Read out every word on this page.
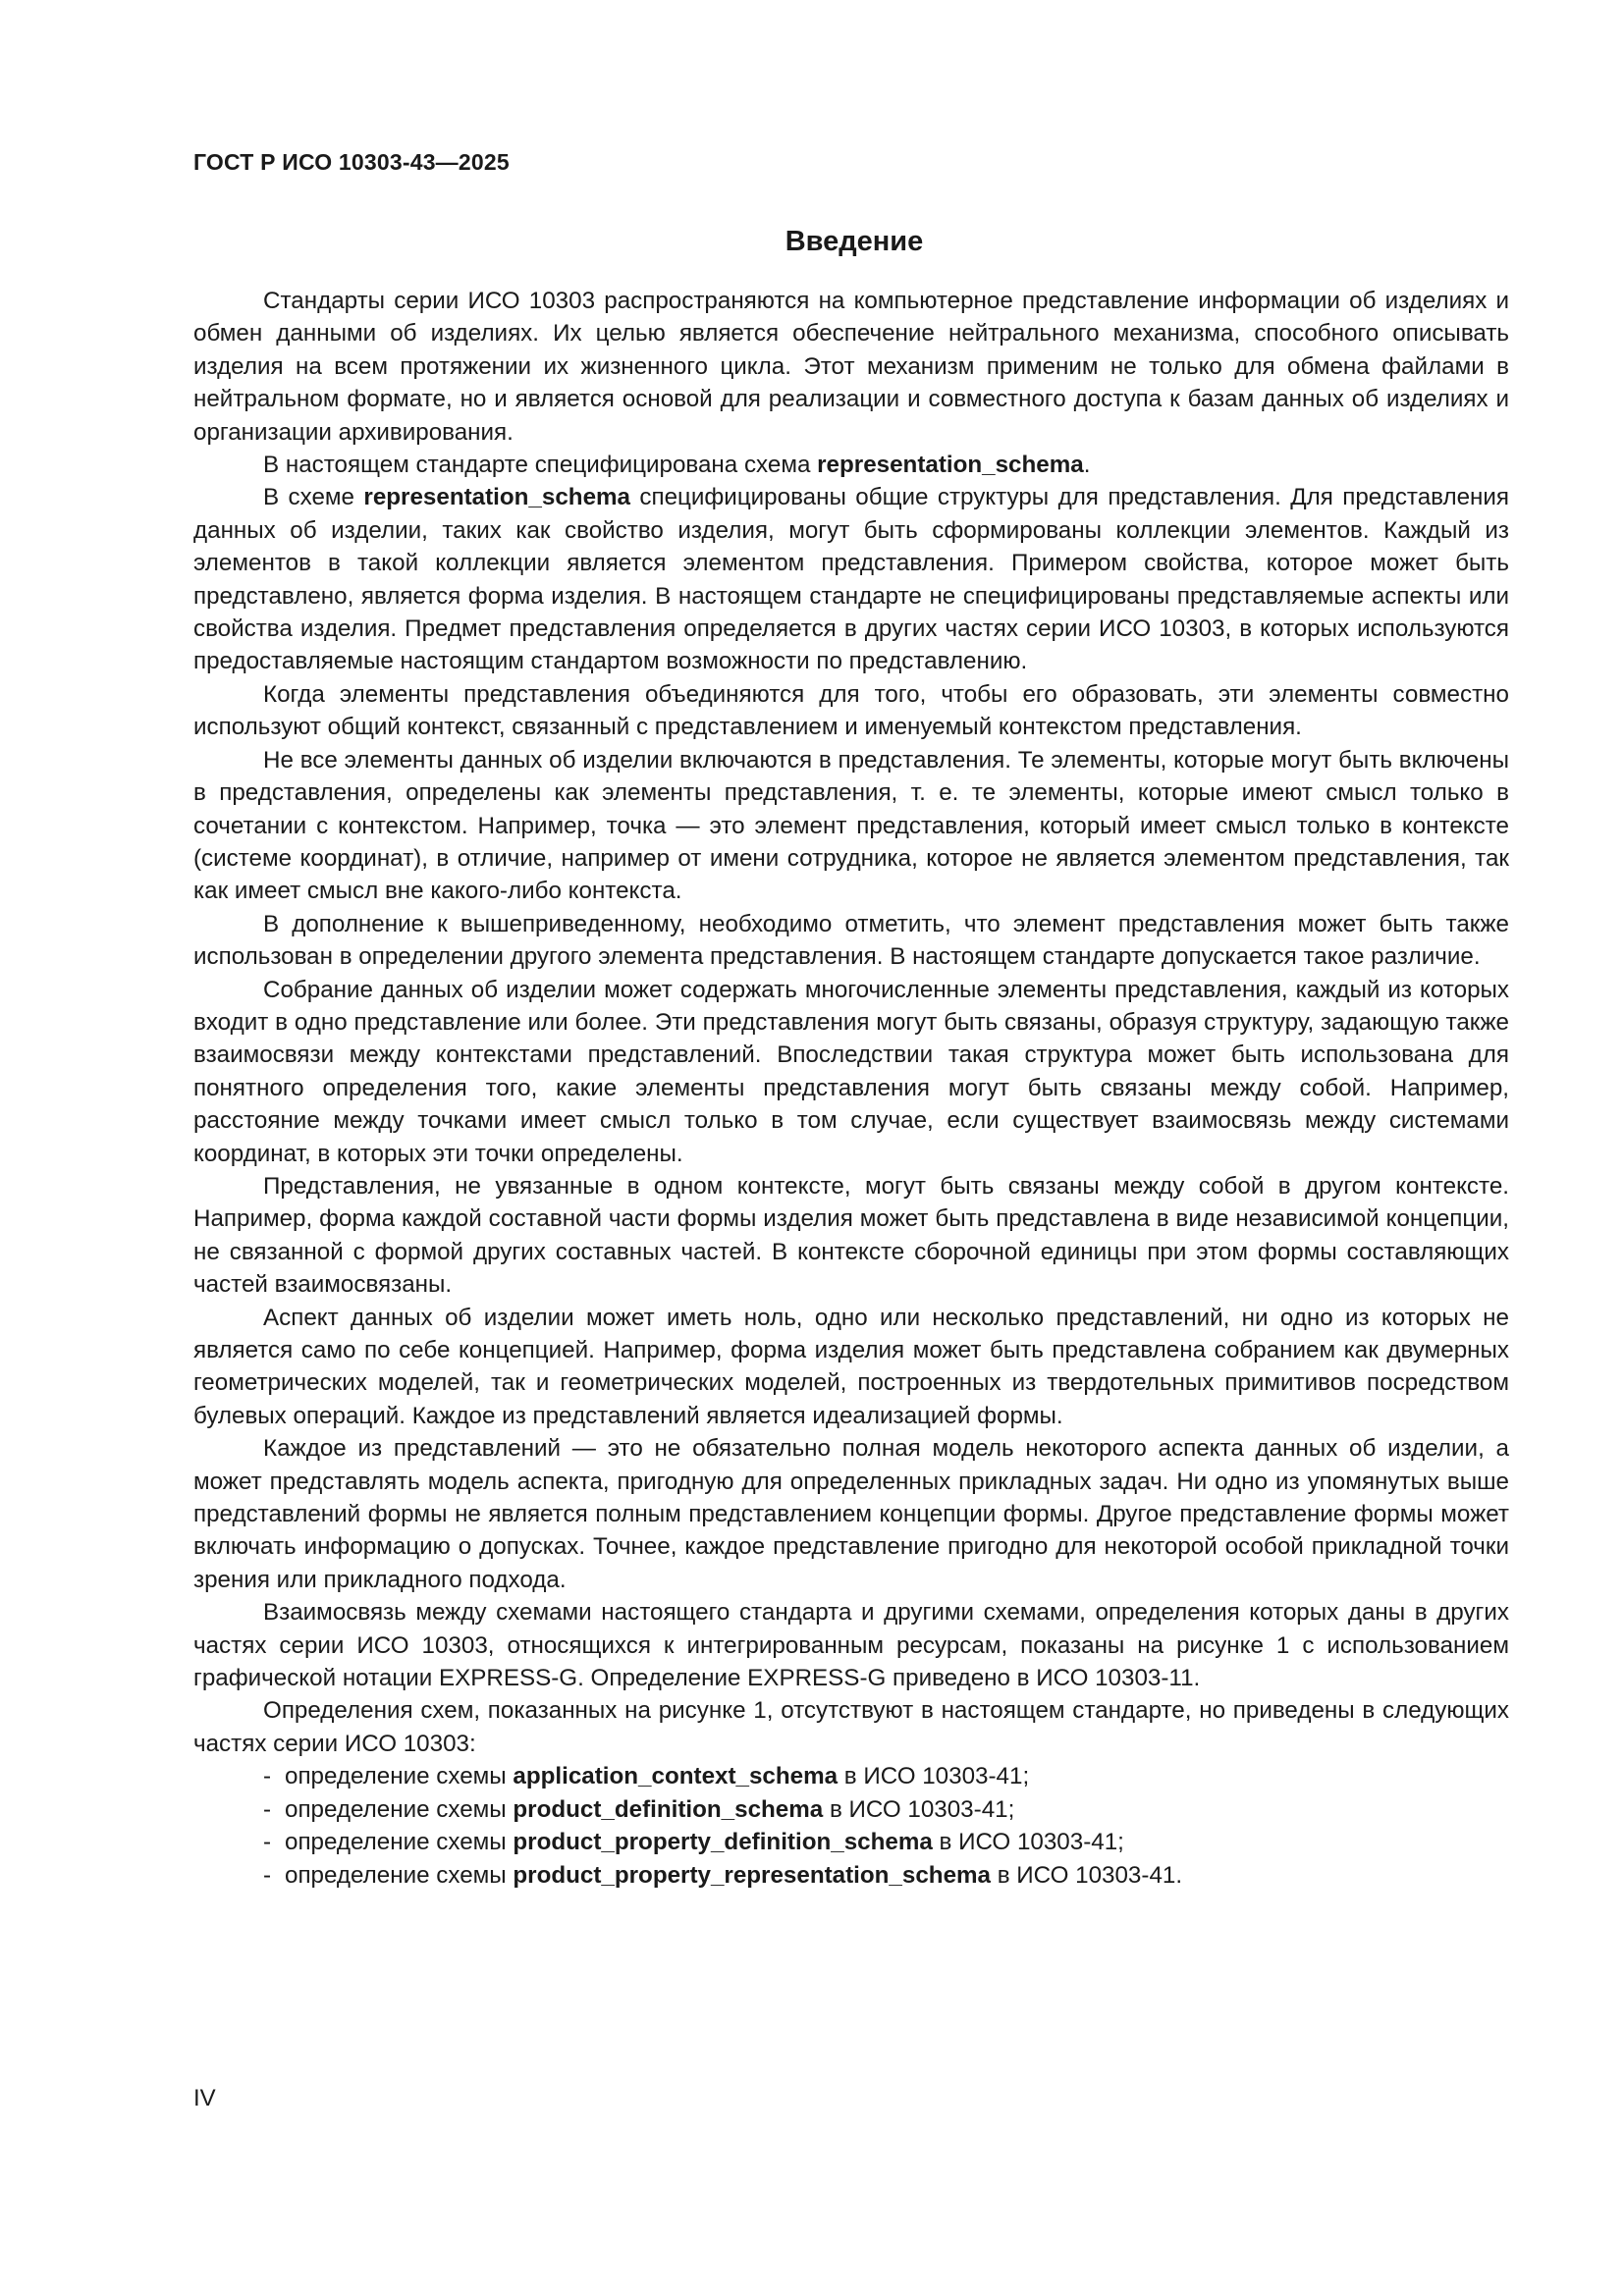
ГОСТ Р ИСО 10303-43—2025
Введение

Стандарты серии ИСО 10303 распространяются на компьютерное представление информации об изделиях и обмен данными об изделиях. Их целью является обеспечение нейтрального механизма, способного описывать изделия на всем протяжении их жизненного цикла. Этот механизм применим не только для обмена файлами в нейтральном формате, но и является основой для реализации и совместного доступа к базам данных об изделиях и организации архивирования.

В настоящем стандарте специфицирована схема representation_schema.

В схеме representation_schema специфицированы общие структуры для представления. Для представления данных об изделии, таких как свойство изделия, могут быть сформированы коллекции элементов. Каждый из элементов в такой коллекции является элементом представления. Примером свойства, которое может быть представлено, является форма изделия. В настоящем стандарте не специфицированы представляемые аспекты или свойства изделия. Предмет представления определяется в других частях серии ИСО 10303, в которых используются предоставляемые настоящим стандартом возможности по представлению.

Когда элементы представления объединяются для того, чтобы его образовать, эти элементы совместно используют общий контекст, связанный с представлением и именуемый контекстом представления.

Не все элементы данных об изделии включаются в представления. Те элементы, которые могут быть включены в представления, определены как элементы представления, т. е. те элементы, которые имеют смысл только в сочетании с контекстом. Например, точка — это элемент представления, который имеет смысл только в контексте (системе координат), в отличие, например от имени сотрудника, которое не является элементом представления, так как имеет смысл вне какого-либо контекста.

В дополнение к вышеприведенному, необходимо отметить, что элемент представления может быть также использован в определении другого элемента представления. В настоящем стандарте допускается такое различие.

Собрание данных об изделии может содержать многочисленные элементы представления, каждый из которых входит в одно представление или более. Эти представления могут быть связаны, образуя структуру, задающую также взаимосвязи между контекстами представлений. Впоследствии такая структура может быть использована для понятного определения того, какие элементы представления могут быть связаны между собой. Например, расстояние между точками имеет смысл только в том случае, если существует взаимосвязь между системами координат, в которых эти точки определены.

Представления, не увязанные в одном контексте, могут быть связаны между собой в другом контексте. Например, форма каждой составной части формы изделия может быть представлена в виде независимой концепции, не связанной с формой других составных частей. В контексте сборочной единицы при этом формы составляющих частей взаимосвязаны.

Аспект данных об изделии может иметь ноль, одно или несколько представлений, ни одно из которых не является само по себе концепцией. Например, форма изделия может быть представлена собранием как двумерных геометрических моделей, так и геометрических моделей, построенных из твердотельных примитивов посредством булевых операций. Каждое из представлений является идеализацией формы.

Каждое из представлений — это не обязательно полная модель некоторого аспекта данных об изделии, а может представлять модель аспекта, пригодную для определенных прикладных задач. Ни одно из упомянутых выше представлений формы не является полным представлением концепции формы. Другое представление формы может включать информацию о допусках. Точнее, каждое представление пригодно для некоторой особой прикладной точки зрения или прикладного подхода.

Взаимосвязь между схемами настоящего стандарта и другими схемами, определения которых даны в других частях серии ИСО 10303, относящихся к интегрированным ресурсам, показаны на рисунке 1 с использованием графической нотации EXPRESS-G. Определение EXPRESS-G приведено в ИСО 10303-11.

Определения схем, показанных на рисунке 1, отсутствуют в настоящем стандарте, но приведены в следующих частях серии ИСО 10303:

- определение схемы application_context_schema в ИСО 10303-41;
- определение схемы product_definition_schema в ИСО 10303-41;
- определение схемы product_property_definition_schema в ИСО 10303-41;
- определение схемы product_property_representation_schema в ИСО 10303-41.
IV
